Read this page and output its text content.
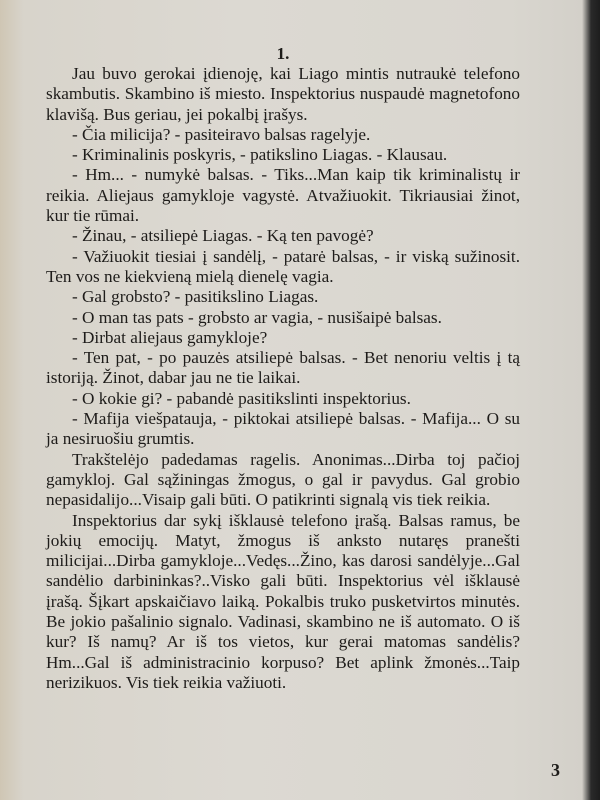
1.

Jau buvo gerokai įdienoję, kai Liago mintis nutraukė telefono skambutis. Skambino iš miesto. Inspektorius nuspaudė magnetofono klavišą. Bus geriau, jei pokalbį įrašys.

- Čia milicija? - pasiteiravo balsas ragelyje.

- Kriminalinis poskyris, - patikslino Liagas. - Klausau.

- Hm... - numykė balsas. - Tiks...Man kaip tik kriminalistų ir reikia. Aliejaus gamykloje vagystė. Atvažiuokit. Tikriausiai žinot, kur tie rūmai.

- Žinau, - atsiliepė Liagas. - Ką ten pavogė?

- Važiuokit tiesiai į sandėlį, - patarė balsas, - ir viską sužinosit. Ten vos ne kiekvieną mielą dienelę vagia.

- Gal grobsto? - pasitikslino Liagas.

- O man tas pats - grobsto ar vagia, - nusišaipė balsas.

- Dirbat aliejaus gamykloje?

- Ten pat, - po pauzės atsiliepė balsas. - Bet nenoriu veltis į tą istoriją. Žinot, dabar jau ne tie laikai.

- O kokie gi? - pabandė pasitikslinti inspektorius.

- Mafija viešpatauja, - piktokai atsiliepė balsas. - Mafija... O su ja nesiruošiu grumtis.

Trakštelėjo padedamas ragelis. Anonimas...Dirba toj pačioj gamykloj. Gal sąžiningas žmogus, o gal ir pavydus. Gal grobio nepasidalijo...Visaip gali būti. O patikrinti signalą vis tiek reikia.

Inspektorius dar sykį išklausė telefono įrašą. Balsas ramus, be jokių emocijų. Matyt, žmogus iš anksto nutaręs pranešti milicijai...Dirba gamykloje...Vedęs...Žino, kas darosi sandėlyje...Gal sandėlio darbininkas?..Visko gali būti. Inspektorius vėl išklausė įrašą. Šįkart apskaičiavo laiką. Pokalbis truko pusketvirtos minutės. Be jokio pašalinio signalo. Vadinasi, skambino ne iš automato. O iš kur? Iš namų? Ar iš tos vietos, kur gerai matomas sandėlis? Hm...Gal iš administracinio korpuso? Bet aplink žmonės...Taip nerizikuos. Vis tiek reikia važiuoti.

3
